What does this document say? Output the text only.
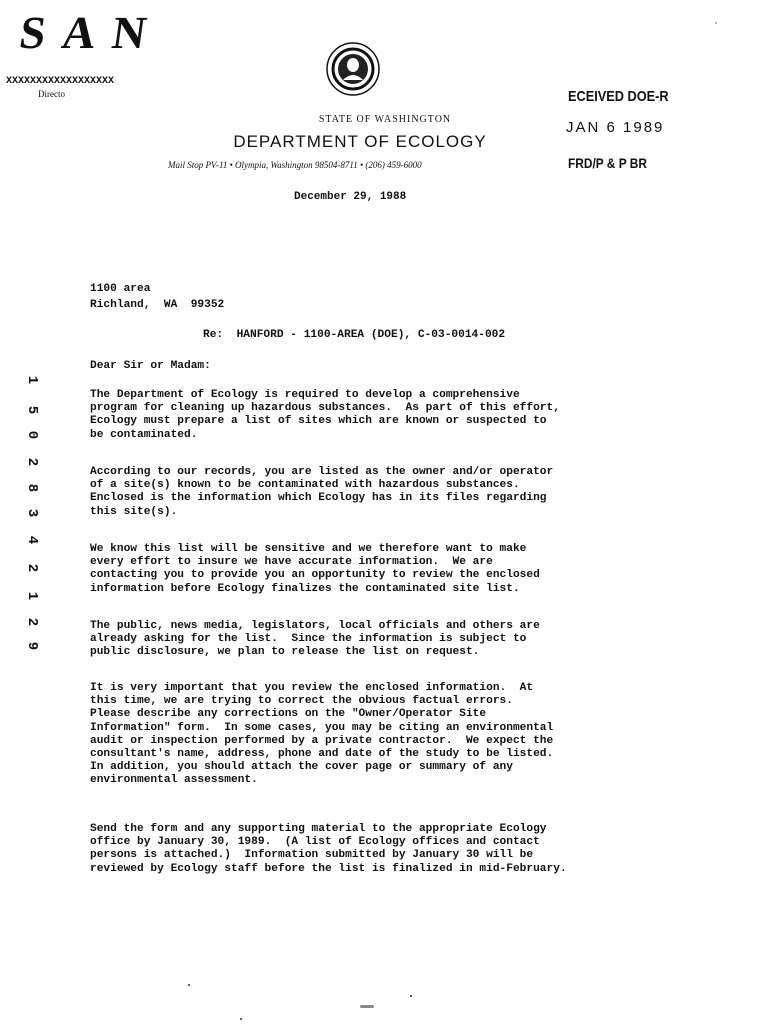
S A N
XXXXXXXXXXXXXXXXXX
Directo
STATE OF WASHINGTON
DEPARTMENT OF ECOLOGY
Mail Stop PV-11 • Olympia, Washington 98504-8711 • (206) 459-6000
December 29, 1988
ECEIVED DOE-R
JAN 6 1989
FRD/P & P BR
1100 area
Richland,  WA  99352
Re:  HANFORD - 1100-AREA (DOE), C-03-0014-002
Dear Sir or Madam:
The Department of Ecology is required to develop a comprehensive
program for cleaning up hazardous substances.  As part of this effort,
Ecology must prepare a list of sites which are known or suspected to
be contaminated.
According to our records, you are listed as the owner and/or operator
of a site(s) known to be contaminated with hazardous substances.
Enclosed is the information which Ecology has in its files regarding
this site(s).
We know this list will be sensitive and we therefore want to make
every effort to insure we have accurate information.  We are
contacting you to provide you an opportunity to review the enclosed
information before Ecology finalizes the contaminated site list.
The public, news media, legislators, local officials and others are
already asking for the list.  Since the information is subject to
public disclosure, we plan to release the list on request.
It is very important that you review the enclosed information.  At
this time, we are trying to correct the obvious factual errors.
Please describe any corrections on the "Owner/Operator Site
Information" form.  In some cases, you may be citing an environmental
audit or inspection performed by a private contractor.  We expect the
consultant's name, address, phone and date of the study to be listed.
In addition, you should attach the cover page or summary of any
environmental assessment.
Send the form and any supporting material to the appropriate Ecology
office by January 30, 1989.  (A list of Ecology offices and contact
persons is attached.)  Information submitted by January 30 will be
reviewed by Ecology staff before the list is finalized in mid-February.
9
2
1
2
4
3
8
2
0
5
1
